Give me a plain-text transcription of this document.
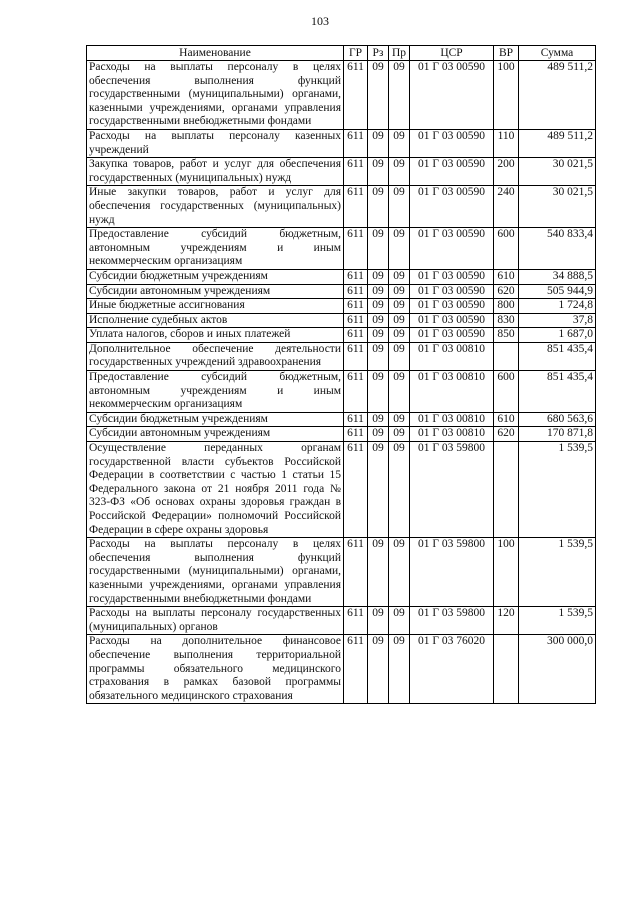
103
Наименование	ГР	Рз	Пр	ЦСР	ВР	Сумма
Расходы на выплаты персоналу в целях обеспечения выполнения функций государственными (муниципальными) органами, казенными учреждениями, органами управления государственными внебюджетными фондами	611	09	09	01 Г 03 00590	100	489 511,2
Расходы на выплаты персоналу казенных учреждений	611	09	09	01 Г 03 00590	110	489 511,2
Закупка товаров, работ и услуг для обеспечения государственных (муниципальных) нужд	611	09	09	01 Г 03 00590	200	30 021,5
Иные закупки товаров, работ и услуг для обеспечения государственных (муниципальных) нужд	611	09	09	01 Г 03 00590	240	30 021,5
Предоставление субсидий бюджетным, автономным учреждениям и иным некоммерческим организациям	611	09	09	01 Г 03 00590	600	540 833,4
Субсидии бюджетным учреждениям	611	09	09	01 Г 03 00590	610	34 888,5
Субсидии автономным учреждениям	611	09	09	01 Г 03 00590	620	505 944,9
Иные бюджетные ассигнования	611	09	09	01 Г 03 00590	800	1 724,8
Исполнение судебных актов	611	09	09	01 Г 03 00590	830	37,8
Уплата налогов, сборов и иных платежей	611	09	09	01 Г 03 00590	850	1 687,0
Дополнительное обеспечение деятельности государственных учреждений здравоохранения	611	09	09	01 Г 03 00810		851 435,4
Предоставление субсидий бюджетным, автономным учреждениям и иным некоммерческим организациям	611	09	09	01 Г 03 00810	600	851 435,4
Субсидии бюджетным учреждениям	611	09	09	01 Г 03 00810	610	680 563,6
Субсидии автономным учреждениям	611	09	09	01 Г 03 00810	620	170 871,8
Осуществление переданных органам государственной власти субъектов Российской Федерации в соответствии с частью 1 статьи 15 Федерального закона от 21 ноября 2011 года № 323-ФЗ «Об основах охраны здоровья граждан в Российской Федерации» полномочий Российской Федерации в сфере охраны здоровья	611	09	09	01 Г 03 59800		1 539,5
Расходы на выплаты персоналу в целях обеспечения выполнения функций государственными (муниципальными) органами, казенными учреждениями, органами управления государственными внебюджетными фондами	611	09	09	01 Г 03 59800	100	1 539,5
Расходы на выплаты персоналу государственных (муниципальных) органов	611	09	09	01 Г 03 59800	120	1 539,5
Расходы на дополнительное финансовое обеспечение выполнения территориальной программы обязательного медицинского страхования в рамках базовой программы обязательного медицинского страхования	611	09	09	01 Г 03 76020		300 000,0
